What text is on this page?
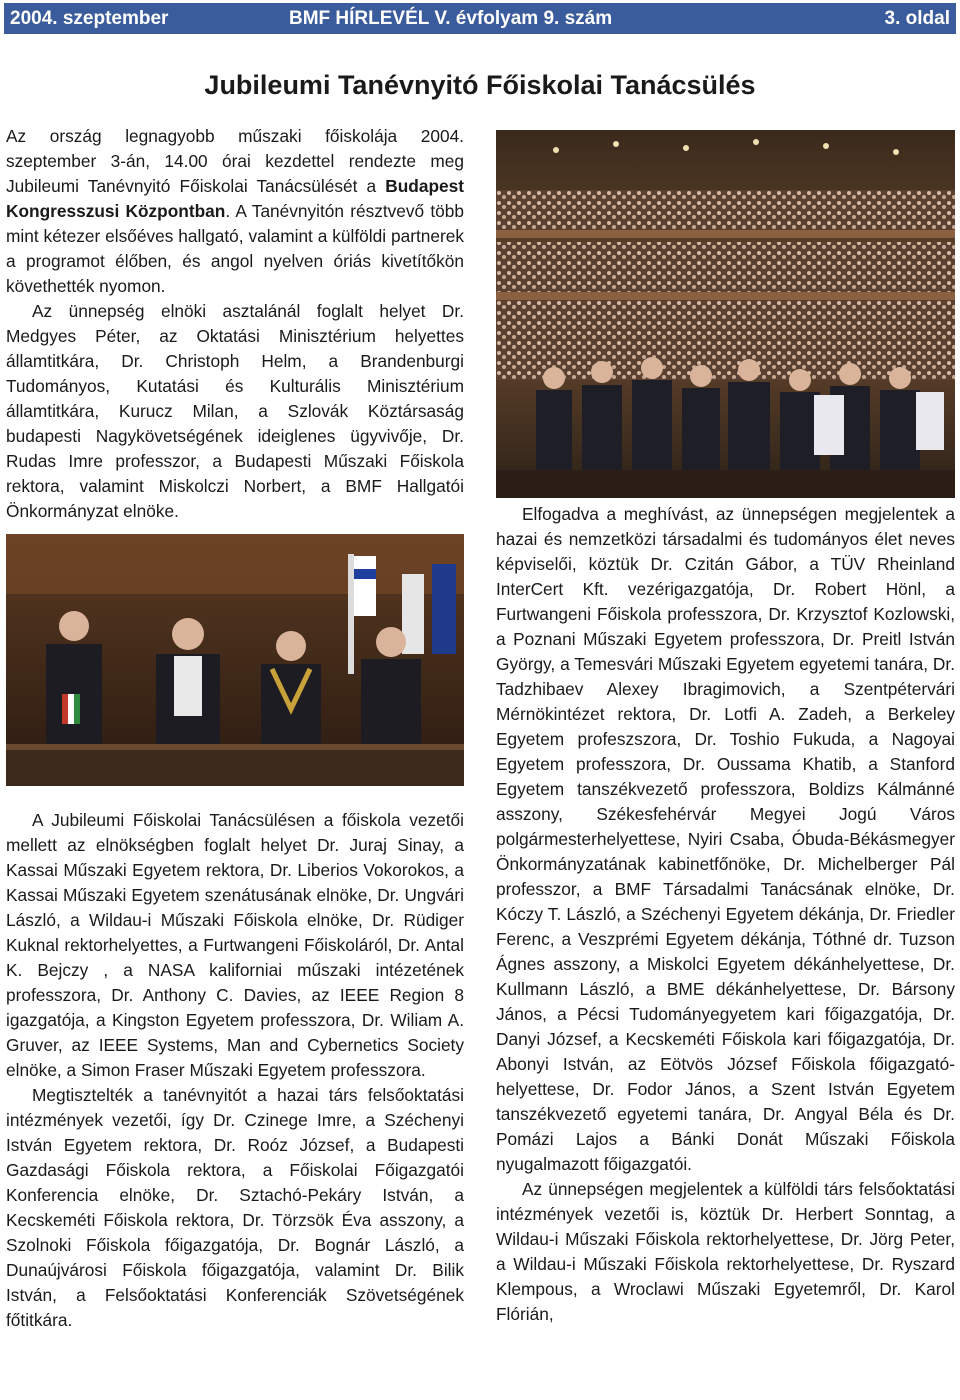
2004. szeptember	BMF HÍRLEVÉL V. évfolyam 9. szám	3. oldal
Jubileumi Tanévnyitó Főiskolai Tanácsülés

Az ország legnagyobb műszaki főiskolája 2004. szeptember 3-án, 14.00 órai kezdettel rendezte meg Jubileumi Tanévnyitó Főiskolai Tanácsülését a Budapest Kongresszusi Központban. A Tanévnyitón résztvevő több mint kétezer elsőéves hallgató, valamint a külföldi partnerek a programot élőben, és angol nyelven óriás kivetítőkön követhették nyomon.

Az ünnepség elnöki asztalánál foglalt helyet Dr. Medgyes Péter, az Oktatási Minisztérium helyettes államtitkára, Dr. Christoph Helm, a Brandenburgi Tudományos, Kutatási és Kulturális Minisztérium államtitkára, Kurucz Milan, a Szlovák Köztársaság budapesti Nagykövetségének ideiglenes ügyvivője, Dr. Rudas Imre professzor, a Budapesti Műszaki Főiskola rektora, valamint Miskolczi Norbert, a BMF Hallgatói Önkormányzat elnöke.

A Jubileumi Főiskolai Tanácsülésen a főiskola vezetői mellett az elnökségben foglalt helyet Dr. Juraj Sinay, a Kassai Műszaki Egyetem rektora, Dr. Liberios Vokorokos, a Kassai Műszaki Egyetem szenátusának elnöke, Dr. Ungvári László, a Wildau-i Műszaki Főiskola elnöke, Dr. Rüdiger Kuknal rektorhelyettes, a Furtwangeni Főiskoláról, Dr. Antal K. Bejczy , a NASA kaliforniai műszaki intézetének professzora, Dr. Anthony C. Davies, az IEEE Region 8 igazgatója, a Kingston Egyetem professzora, Dr. Wiliam A. Gruver, az IEEE Systems, Man and Cybernetics Society elnöke, a Simon Fraser Műszaki Egyetem professzora.

Megtisztelték a tanévnyitót a hazai társ felsőoktatási intézmények vezetői, így Dr. Czinege Imre, a Széchenyi István Egyetem rektora, Dr. Roóz József, a Budapesti Gazdasági Főiskola rektora, a Főiskolai Főigazgatói Konferencia elnöke, Dr. Sztachó-Pekáry István, a Kecskeméti Főiskola rektora, Dr. Törzsök Éva asszony, a Szolnoki Főiskola főigazgatója, Dr. Bognár László, a Dunaújvárosi Főiskola főigazgatója, valamint Dr. Bilik István, a Felsőoktatási Konferenciák Szövetségének főtitkára.

Elfogadva a meghívást, az ünnepségen megjelentek a hazai és nemzetközi társadalmi és tudományos élet neves képviselői, köztük Dr. Czitán Gábor, a TÜV Rheinland InterCert Kft. vezérigazgatója, Dr. Robert Hönl, a Furtwangeni Főiskola professzora, Dr. Krzysztof Kozlowski, a Poznani Műszaki Egyetem professzora, Dr. Preitl István György, a Temesvári Műszaki Egyetem egyetemi tanára, Dr. Tadzhibaev Alexey Ibragimovich, a Szentpétervári Mérnökintézet rektora, Dr. Lotfi A. Zadeh, a Berkeley Egyetem profeszszora, Dr. Toshio Fukuda, a Nagoyai Egyetem professzora, Dr. Oussama Khatib, a Stanford Egyetem tanszékvezető professzora, Boldizs Kálmánné asszony, Székesfehérvár Megyei Jogú Város polgármesterhelyettese, Nyiri Csaba, Óbuda-Békásmegyer Önkormányzatának kabinetfőnöke, Dr. Michelberger Pál professzor, a BMF Társadalmi Tanácsának elnöke, Dr. Kóczy T. László, a Széchenyi Egyetem dékánja, Dr. Friedler Ferenc, a Veszprémi Egyetem dékánja, Tóthné dr. Tuzson Ágnes asszony, a Miskolci Egyetem dékánhelyettese, Dr. Kullmann László, a BME dékánhelyettese, Dr. Bársony János, a Pécsi Tudományegyetem kari főigazgatója, Dr. Danyi József, a Kecskeméti Főiskola kari főigazgatója, Dr. Abonyi István, az Eötvös József Főiskola főigazgató-helyettese, Dr. Fodor János, a Szent István Egyetem tanszékvezető egyetemi tanára, Dr. Angyal Béla és Dr. Pomázi Lajos a Bánki Donát Műszaki Főiskola nyugalmazott főigazgatói.

Az ünnepségen megjelentek a külföldi társ felsőoktatási intézmények vezetői is, köztük Dr. Herbert Sonntag, a Wildau-i Műszaki Főiskola rektorhelyettese, Dr. Jörg Peter, a Wildau-i Műszaki Főiskola rektorhelyettese, Dr. Ryszard Klempous, a Wroclawi Műszaki Egyetemről, Dr. Karol Flórián,
